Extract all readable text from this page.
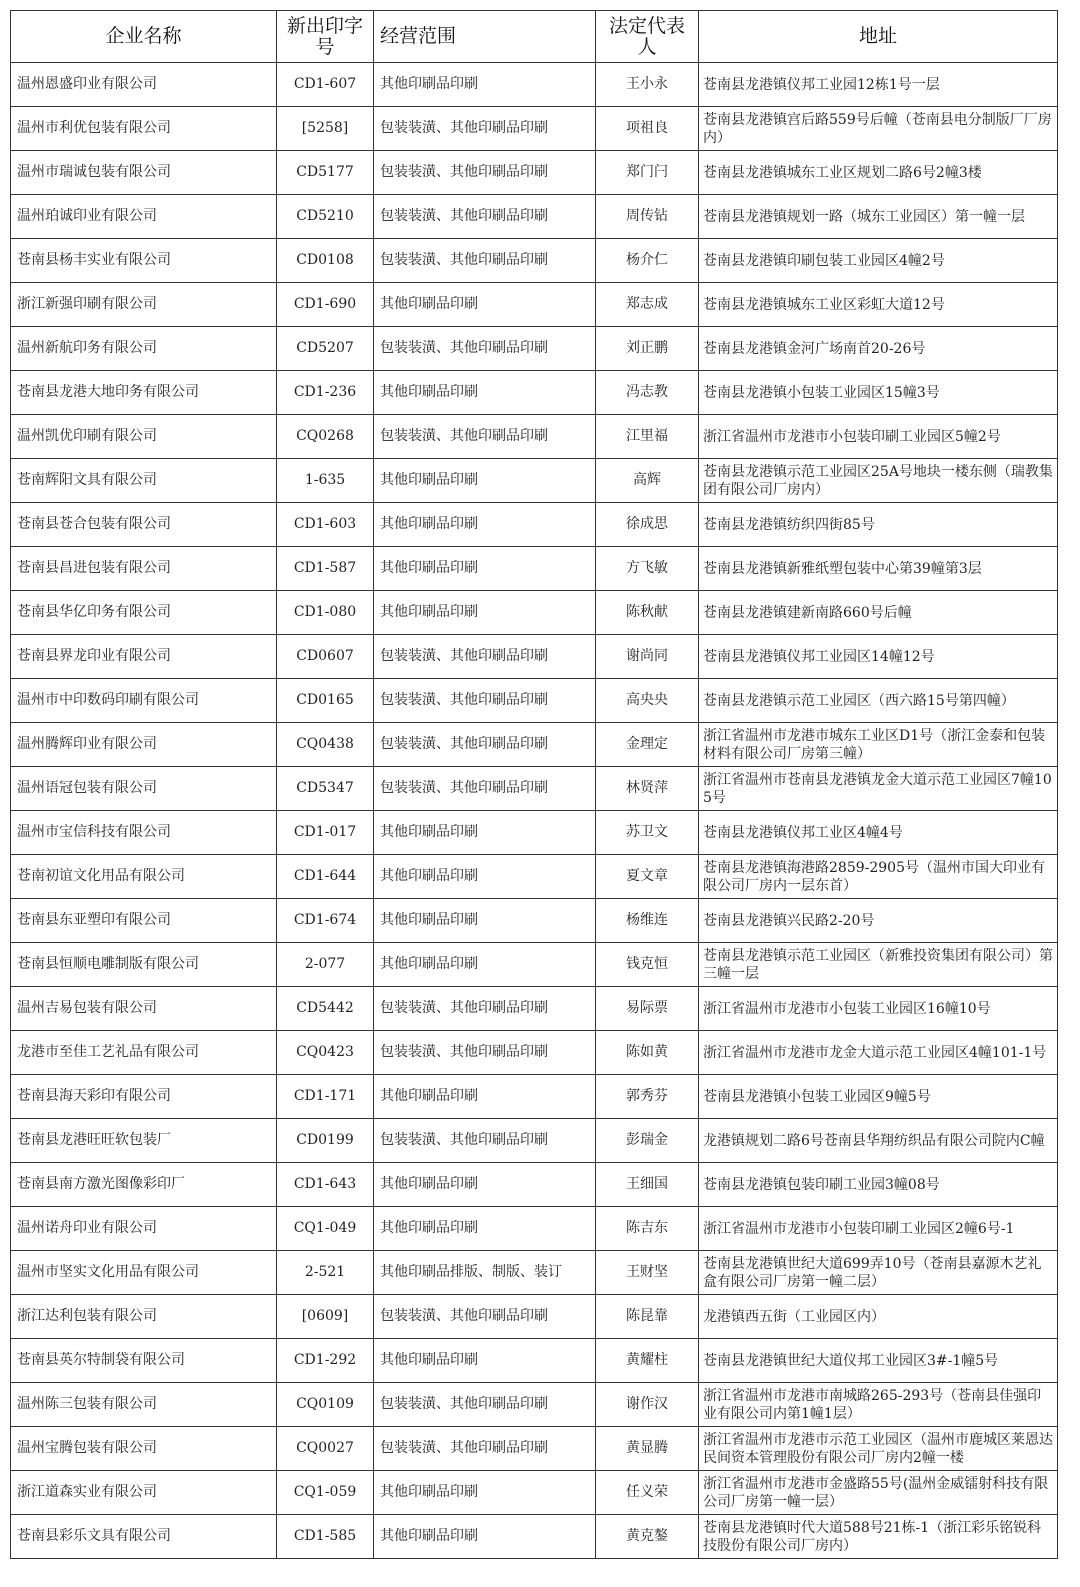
企业名称	新出印字号	经营范围	法定代表人	地址
温州恩盛印业有限公司	CD1-607	其他印刷品印刷	王小永	苍南县龙港镇仪邦工业园12栋1号一层
温州市利优包装有限公司	[5258]	包装装潢、其他印刷品印刷	项祖良	苍南县龙港镇宫后路559号后幢（苍南县电分制版厂厂房内）
温州市瑞诚包装有限公司	CD5177	包装装潢、其他印刷品印刷	郑门闩	苍南县龙港镇城东工业区规划二路6号2幢3楼
温州珀诚印业有限公司	CD5210	包装装潢、其他印刷品印刷	周传钻	苍南县龙港镇规划一路（城东工业园区）第一幢一层
苍南县杨丰实业有限公司	CD0108	包装装潢、其他印刷品印刷	杨介仁	苍南县龙港镇印刷包装工业园区4幢2号
浙江新强印刷有限公司	CD1-690	其他印刷品印刷	郑志成	苍南县龙港镇城东工业区彩虹大道12号
温州新航印务有限公司	CD5207	包装装潢、其他印刷品印刷	刘正鹏	苍南县龙港镇金河广场南首20-26号
苍南县龙港大地印务有限公司	CD1-236	其他印刷品印刷	冯志教	苍南县龙港镇小包装工业园区15幢3号
温州凯优印刷有限公司	CQ0268	包装装潢、其他印刷品印刷	江里福	浙江省温州市龙港市小包装印刷工业园区5幢2号
苍南辉阳文具有限公司	1-635	其他印刷品印刷	高辉	苍南县龙港镇示范工业园区25A号地块一楼东侧（瑞教集团有限公司厂房内）
苍南县苍合包装有限公司	CD1-603	其他印刷品印刷	徐成思	苍南县龙港镇纺织四街85号
苍南县昌进包装有限公司	CD1-587	其他印刷品印刷	方飞敏	苍南县龙港镇新雅纸塑包装中心第39幢第3层
苍南县华亿印务有限公司	CD1-080	其他印刷品印刷	陈秋献	苍南县龙港镇建新南路660号后幢
苍南县界龙印业有限公司	CD0607	包装装潢、其他印刷品印刷	谢尚同	苍南县龙港镇仪邦工业园区14幢12号
温州市中印数码印刷有限公司	CD0165	包装装潢、其他印刷品印刷	高央央	苍南县龙港镇示范工业园区（西六路15号第四幢）
温州腾辉印业有限公司	CQ0438	包装装潢、其他印刷品印刷	金理定	浙江省温州市龙港市城东工业区D1号（浙江金泰和包装材料有限公司厂房第三幢）
温州语冠包装有限公司	CD5347	包装装潢、其他印刷品印刷	林贤萍	浙江省温州市苍南县龙港镇龙金大道示范工业园区7幢105号
温州市宝信科技有限公司	CD1-017	其他印刷品印刷	苏卫文	苍南县龙港镇仪邦工业区4幢4号
苍南初谊文化用品有限公司	CD1-644	其他印刷品印刷	夏文章	苍南县龙港镇海港路2859-2905号（温州市国大印业有限公司厂房内一层东首）
苍南县东亚塑印有限公司	CD1-674	其他印刷品印刷	杨维连	苍南县龙港镇兴民路2-20号
苍南县恒顺电雕制版有限公司	2-077	其他印刷品印刷	钱克恒	苍南县龙港镇示范工业园区（新雅投资集团有限公司）第三幢一层
温州吉易包装有限公司	CD5442	包装装潢、其他印刷品印刷	易际票	浙江省温州市龙港市小包装工业园区16幢10号
龙港市至佳工艺礼品有限公司	CQ0423	包装装潢、其他印刷品印刷	陈如黄	浙江省温州市龙港市龙金大道示范工业园区4幢101-1号
苍南县海天彩印有限公司	CD1-171	其他印刷品印刷	郭秀芬	苍南县龙港镇小包装工业园区9幢5号
苍南县龙港旺旺软包装厂	CD0199	包装装潢、其他印刷品印刷	彭瑞金	龙港镇规划二路6号苍南县华翔纺织品有限公司院内C幢
苍南县南方激光图像彩印厂	CD1-643	其他印刷品印刷	王细国	苍南县龙港镇包装印刷工业园3幢08号
温州诺舟印业有限公司	CQ1-049	其他印刷品印刷	陈吉东	浙江省温州市龙港市小包装印刷工业园区2幢6号-1
温州市坚实文化用品有限公司	2-521	其他印刷品排版、制版、装订	王财坚	苍南县龙港镇世纪大道699弄10号（苍南县嘉源木艺礼盒有限公司厂房第一幢二层）
浙江达利包装有限公司	[0609]	包装装潢、其他印刷品印刷	陈昆靠	龙港镇西五街（工业园区内）
苍南县英尔特制袋有限公司	CD1-292	其他印刷品印刷	黄耀柱	苍南县龙港镇世纪大道仪邦工业园区3#-1幢5号
温州陈三包装有限公司	CQ0109	包装装潢、其他印刷品印刷	谢作汉	浙江省温州市龙港市南城路265-293号（苍南县佳强印业有限公司内第1幢1层）
温州宝腾包装有限公司	CQ0027	包装装潢、其他印刷品印刷	黄显腾	浙江省温州市龙港市示范工业园区（温州市鹿城区莱恩达民间资本管理股份有限公司厂房内2幢一楼
浙江道森实业有限公司	CQ1-059	其他印刷品印刷	任义荣	浙江省温州市龙港市金盛路55号(温州金威镭射科技有限公司厂房第一幢一层）
苍南县彩乐文具有限公司	CD1-585	其他印刷品印刷	黄克鏊	苍南县龙港镇时代大道588号21栋-1（浙江彩乐铭锐科技股份有限公司厂房内）
